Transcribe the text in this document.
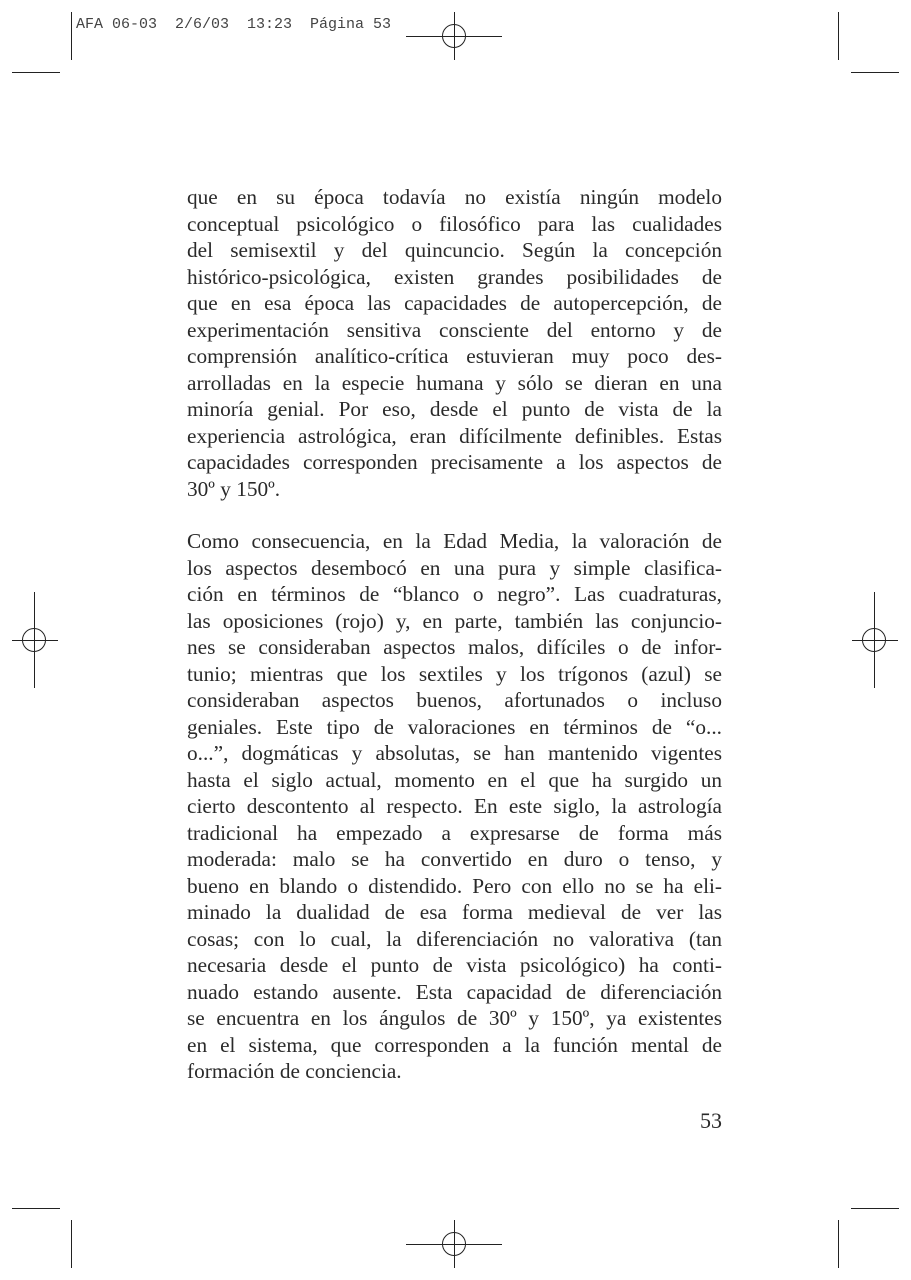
AFA 06-03  2/6/03  13:23  Página 53
que en su época todavía no existía ningún modelo
conceptual psicológico o filosófico para las cualidades
del semisextil y del quincuncio. Según la concepción
histórico-psicológica, existen grandes posibilidades de
que en esa época las capacidades de autopercepción, de
experimentación sensitiva consciente del entorno y de
comprensión analítico-crítica estuvieran muy poco des-
arrolladas en la especie humana y sólo se dieran en una
minoría genial. Por eso, desde el punto de vista de la
experiencia astrológica, eran difícilmente definibles. Estas
capacidades corresponden precisamente a los aspectos de
30º y 150º.
Como consecuencia, en la Edad Media, la valoración de
los aspectos desembocó en una pura y simple clasifica-
ción en términos de “blanco o negro”. Las cuadraturas,
las oposiciones (rojo) y, en parte, también las conjuncio-
nes se consideraban aspectos malos, difíciles o de infor-
tunio; mientras que los sextiles y los trígonos (azul) se
consideraban aspectos buenos, afortunados o incluso
geniales. Este tipo de valoraciones en términos de “o...
o...”, dogmáticas y absolutas, se han mantenido vigentes
hasta el siglo actual, momento en el que ha surgido un
cierto descontento al respecto. En este siglo, la astrología
tradicional ha empezado a expresarse de forma más
moderada: malo se ha convertido en duro o tenso, y
bueno en blando o distendido. Pero con ello no se ha eli-
minado la dualidad de esa forma medieval de ver las
cosas; con lo cual, la diferenciación no valorativa (tan
necesaria desde el punto de vista psicológico) ha conti-
nuado estando ausente. Esta capacidad de diferenciación
se encuentra en los ángulos de 30º y 150º, ya existentes
en el sistema, que corresponden a la función mental de
formación de conciencia.
53
